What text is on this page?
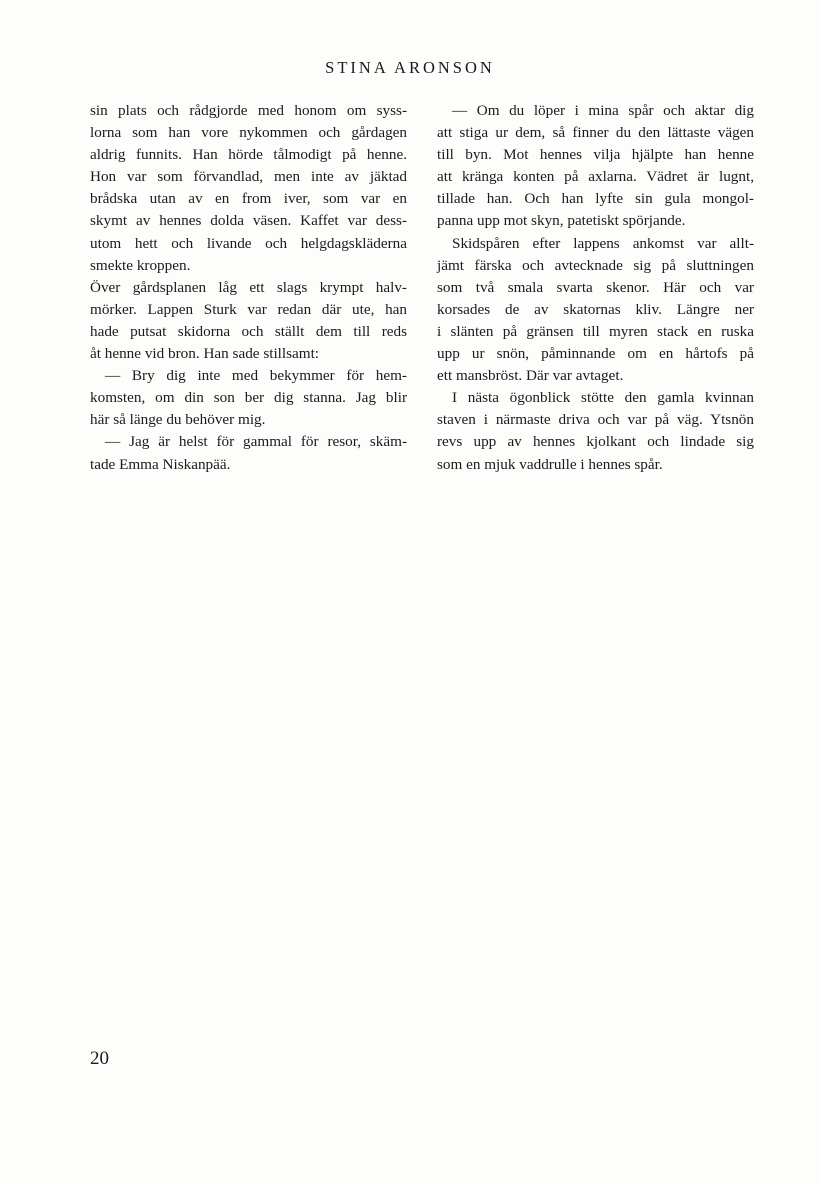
STINA ARONSON
sin plats och rådgjorde med honom om syss-
lorna som han vore nykommen och gårdagen
aldrig funnits. Han hörde tålmodigt på henne.
Hon var som förvandlad, men inte av jäktad
brådska utan av en from iver, som var en
skymt av hennes dolda väsen. Kaffet var dess-
utom hett och livande och helgdagskläderna
smekte kroppen.
Över gårdsplanen låg ett slags krympt halv-
mörker. Lappen Sturk var redan där ute, han
hade putsat skidorna och ställt dem till reds
åt henne vid bron. Han sade stillsamt:
— Bry dig inte med bekymmer för hem-
komsten, om din son ber dig stanna. Jag blir
här så länge du behöver mig.
— Jag är helst för gammal för resor, skäm-
tade Emma Niskanpää.
— Om du löper i mina spår och aktar dig
att stiga ur dem, så finner du den lättaste vägen
till byn. Mot hennes vilja hjälpte han henne
att kränga konten på axlarna. Vädret är lugnt,
tillade han. Och han lyfte sin gula mongol-
panna upp mot skyn, patetiskt spörjande.
Skidspåren efter lappens ankomst var allt-
jämt färska och avtecknade sig på sluttningen
som två smala svarta skenor. Här och var
korsades de av skatornas kliv. Längre ner
i slänten på gränsen till myren stack en ruska
upp ur snön, påminnande om en hårtofs på
ett mansbröst. Där var avtaget.
I nästa ögonblick stötte den gamla kvinnan
staven i närmaste driva och var på väg. Ytsnön
revs upp av hennes kjolkant och lindade sig
som en mjuk vaddrulle i hennes spår.
20
